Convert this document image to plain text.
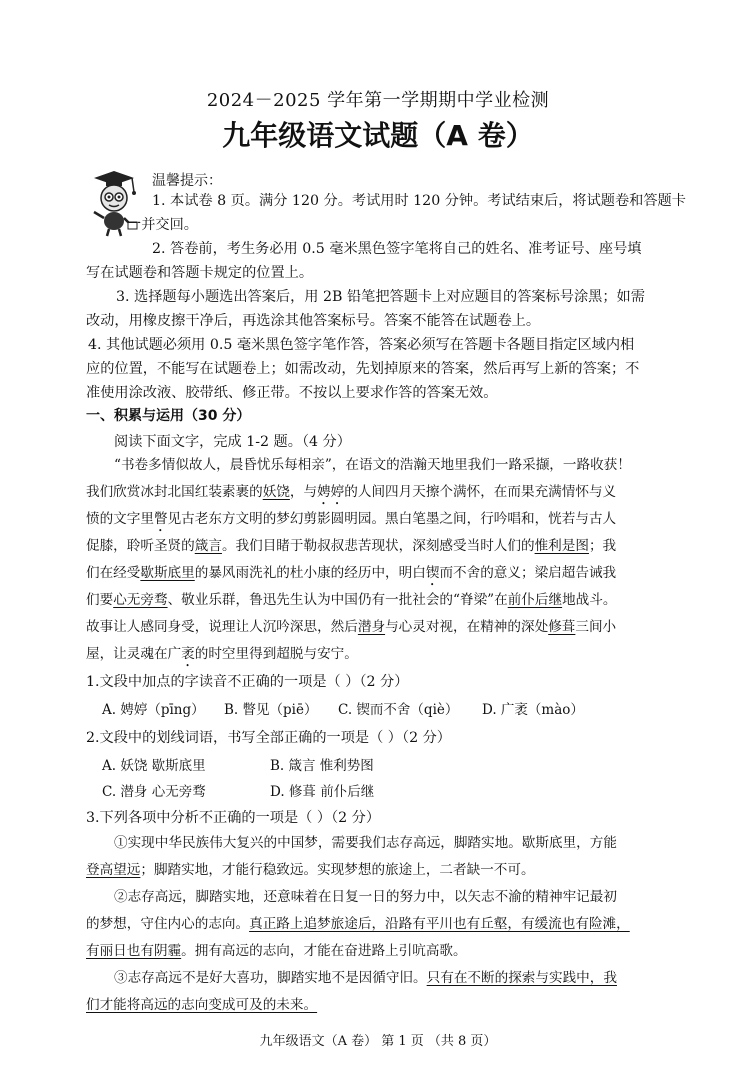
2024－2025 学年第一学期期中学业检测
九年级语文试题（A 卷）
温馨提示：
1. 本试卷 8 页。满分 120 分。考试用时 120 分钟。考试结束后，将试题卷和答题卡
一并交回。
2. 答卷前，考生务必用 0.5 毫米黑色签字笔将自己的姓名、准考证号、座号填
写在试题卷和答题卡规定的位置上。
3. 选择题每小题选出答案后，用 2B 铅笔把答题卡上对应题目的答案标号涂黑；如需
改动，用橡皮擦干净后，再选涂其他答案标号。答案不能答在试题卷上。
4. 其他试题必须用 0.5 毫米黑色签字笔作答，答案必须写在答题卡各题目指定区域内相
应的位置，不能写在试题卷上；如需改动，先划掉原来的答案，然后再写上新的答案；不
准使用涂改液、胶带纸、修正带。不按以上要求作答的答案无效。
一、积累与运用（30 分）
阅读下面文字，完成 1-2 题。（4 分）
“书卷多情似故人，晨昏忧乐每相亲”，在语文的浩瀚天地里我们一路采撷，一路收获！
我们欣赏冰封北国红装素裹的妖饶，与娉婷的人间四月天擦个满怀，在而果充满情怀与义
愤的文字里瞥见古老东方文明的梦幻剪影圆明园。黑白笔墨之间，行吟唱和，恍若与古人
促膝，聆听圣贤的箴言。我们目睹于勒叔叔悲苦现状，深刻感受当时人们的惟利是图；我
们在经受歇斯底里的暴风雨洗礼的杜小康的经历中，明白锲而不舍的意义；梁启超告诫我
们要心无旁骛、敬业乐群，鲁迅先生认为中国仍有一批社会的“脊梁”在前仆后继地战斗。
故事让人感同身受，说理让人沉吟深思，然后潜身与心灵对视，在精神的深处修葺三间小
屋，让灵魂在广袤的时空里得到超脱与安宁。
1.文段中加点的字读音不正确的一项是（ ）（2 分）
A. 娉婷（pīng） B. 瞥见（piē） C. 锲而不舍（qiè） D. 广袤（mào）
2.文段中的划线词语，书写全部正确的一项是（ ）（2 分）
A. 妖饶 歇斯底里	B. 箴言 惟利势图
C. 潜身 心无旁骛	D. 修葺 前仆后继
3.下列各项中分析不正确的一项是（ ）（2 分）
①实现中华民族伟大复兴的中国梦，需要我们志存高远，脚踏实地。歇斯底里，方能
登高望远；脚踏实地，才能行稳致远。实现梦想的旅途上，二者缺一不可。
②志存高远，脚踏实地，还意味着在日复一日的努力中，以矢志不渝的精神牢记最初
的梦想，守住内心的志向。真正路上追梦旅途后，沿路有平川也有丘壑，有缓流也有险滩，
有丽日也有阴霾。拥有高远的志向，才能在奋进路上引吭高歌。
③志存高远不是好大喜功，脚踏实地不是因循守旧。只有在不断的探索与实践中，我
们才能将高远的志向变成可及的未来。
九年级语文（A 卷） 第 1 页 （共 8 页）
